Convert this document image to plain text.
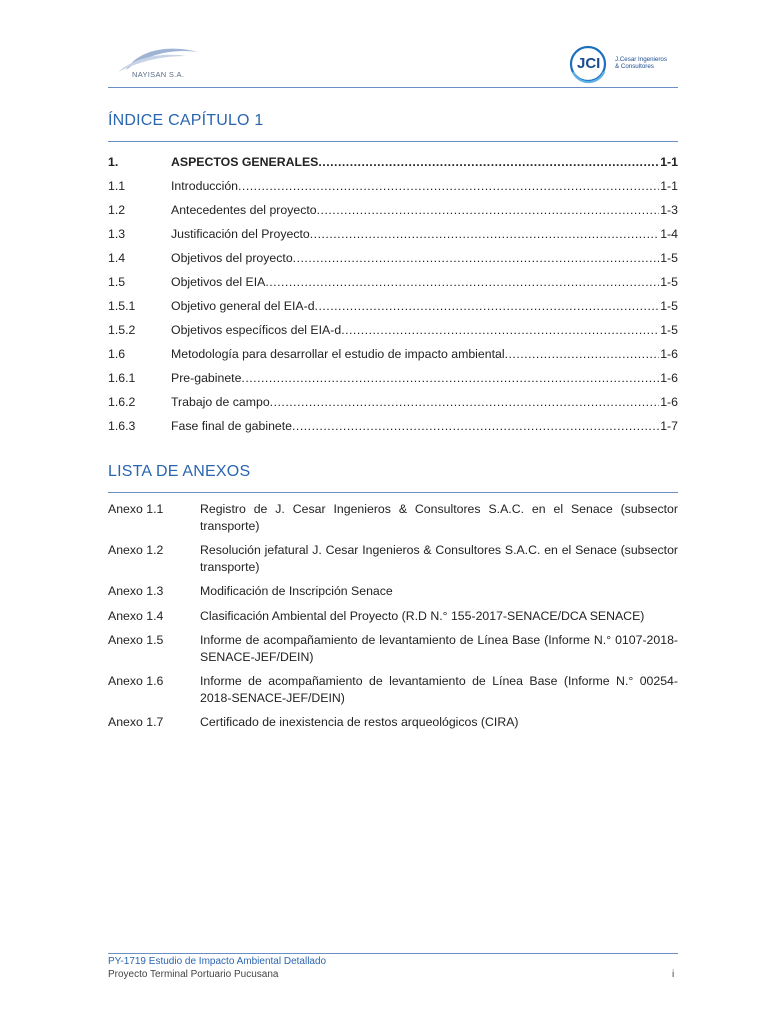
NAYISAN S.A.
JCI J.Cesar Ingenieros
& Consultores
ÍNDICE CAPÍTULO 1
1.	ASPECTOS GENERALES .....	1-1
1.1	Introducción .....	1-1
1.2	Antecedentes del proyecto .....	1-3
1.3	Justificación del Proyecto .....	1-4
1.4	Objetivos del proyecto .....	1-5
1.5	Objetivos del EIA .....	1-5
1.5.1	Objetivo general del EIA-d .....	1-5
1.5.2	Objetivos específicos del EIA-d .....	1-5
1.6	Metodología para desarrollar el estudio de impacto ambiental .....	1-6
1.6.1	Pre-gabinete .....	1-6
1.6.2	Trabajo de campo .....	1-6
1.6.3	Fase final de gabinete .....	1-7
LISTA DE ANEXOS
Anexo 1.1	Registro de J. Cesar Ingenieros & Consultores S.A.C. en el Senace (subsector transporte)
Anexo 1.2	Resolución jefatural J. Cesar Ingenieros & Consultores S.A.C. en el Senace (subsector transporte)
Anexo 1.3	Modificación de Inscripción Senace
Anexo 1.4	Clasificación Ambiental del Proyecto (R.D N.° 155-2017-SENACE/DCA SENACE)
Anexo 1.5	Informe de acompañamiento de levantamiento de Línea Base (Informe N.° 0107-2018-SENACE-JEF/DEIN)
Anexo 1.6	Informe de acompañamiento de levantamiento de Línea Base (Informe N.° 00254-2018-SENACE-JEF/DEIN)
Anexo 1.7	Certificado de inexistencia de restos arqueológicos (CIRA)
PY-1719 Estudio de Impacto Ambiental Detallado
Proyecto Terminal Portuario Pucusana	i
